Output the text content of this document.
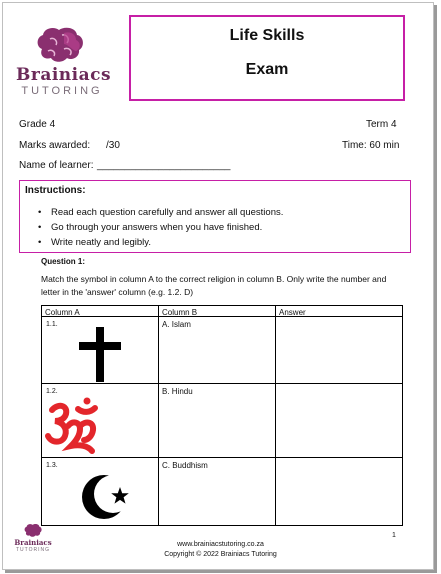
Brainiacs
TUTORING
Life Skills
Exam
Grade 4	Term 4
Marks awarded: /30	Time: 60 min
Name of learner: ________________________
Instructions:
• Read each question carefully and answer all questions.
• Go through your answers when you have finished.
• Write neatly and legibly.
Question 1:
Match the symbol in column A to the correct religion in column B. Only write the number and letter in the 'answer' column (e.g. 1.2. D)
Column A	Column B	Answer
1.1.	A. Islam
1.2.	B. Hindu
1.3.	C. Buddhism
Brainiacs
TUTORING
1
www.brainiacstutoring.co.za
Copyright © 2022 Brainiacs Tutoring
